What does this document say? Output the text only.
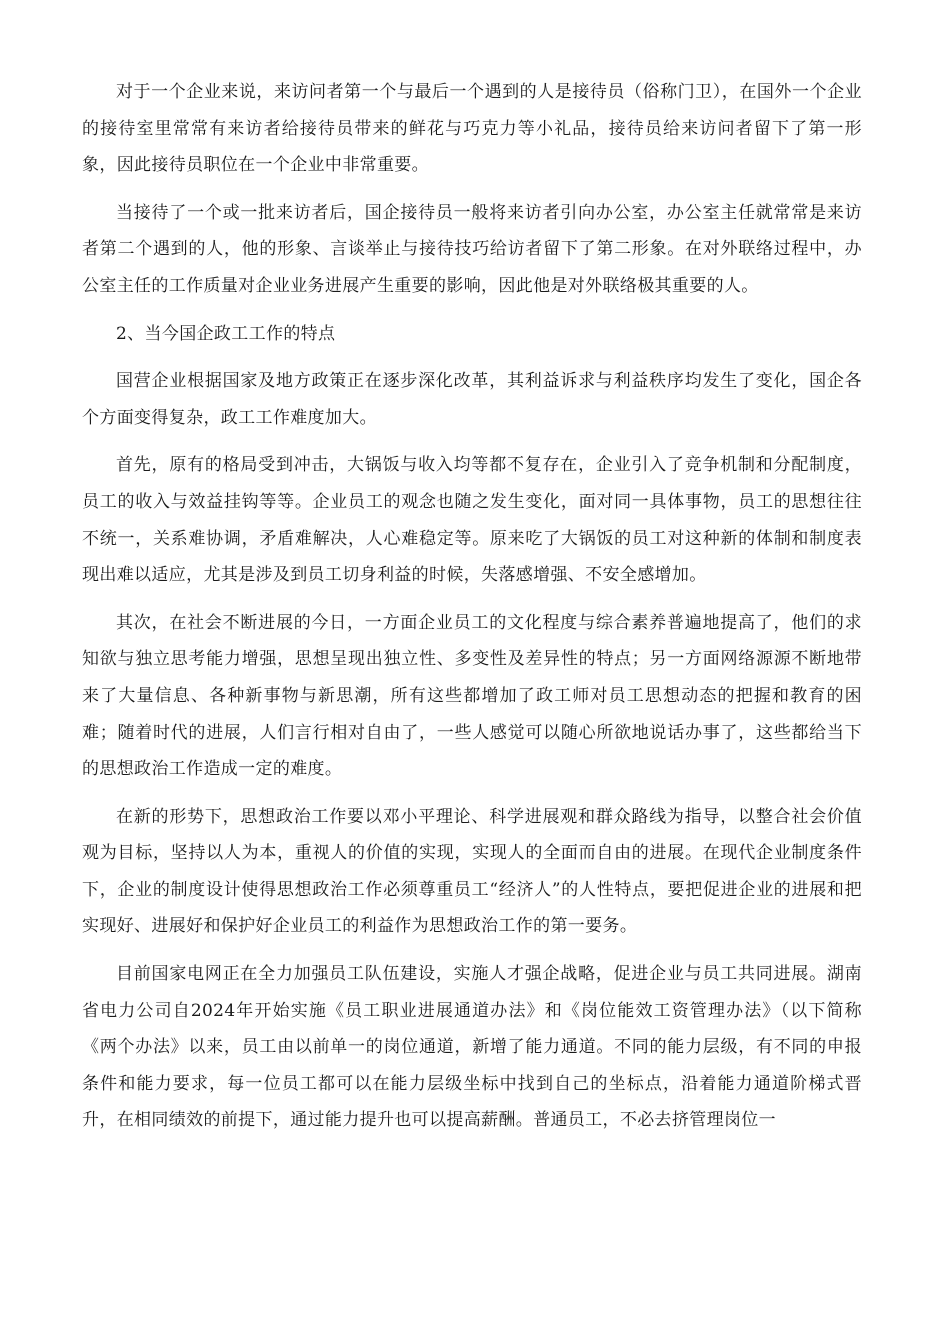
对于一个企业来说，来访问者第一个与最后一个遇到的人是接待员（俗称门卫），在国外一个企业的接待室里常常有来访者给接待员带来的鲜花与巧克力等小礼品，接待员给来访问者留下了第一形象，因此接待员职位在一个企业中非常重要。

当接待了一个或一批来访者后，国企接待员一般将来访者引向办公室，办公室主任就常常是来访者第二个遇到的人，他的形象、言谈举止与接待技巧给访者留下了第二形象。在对外联络过程中，办公室主任的工作质量对企业业务进展产生重要的影响，因此他是对外联络极其重要的人。

2、当今国企政工工作的特点

国营企业根据国家及地方政策正在逐步深化改革，其利益诉求与利益秩序均发生了变化，国企各个方面变得复杂，政工工作难度加大。

首先，原有的格局受到冲击，大锅饭与收入均等都不复存在，企业引入了竞争机制和分配制度，员工的收入与效益挂钩等等。企业员工的观念也随之发生变化，面对同一具体事物，员工的思想往往不统一，关系难协调，矛盾难解决，人心难稳定等。原来吃了大锅饭的员工对这种新的体制和制度表现出难以适应，尤其是涉及到员工切身利益的时候，失落感增强、不安全感增加。

其次，在社会不断进展的今日，一方面企业员工的文化程度与综合素养普遍地提高了，他们的求知欲与独立思考能力增强，思想呈现出独立性、多变性及差异性的特点；另一方面网络源源不断地带来了大量信息、各种新事物与新思潮，所有这些都增加了政工师对员工思想动态的把握和教育的困难；随着时代的进展，人们言行相对自由了，一些人感觉可以随心所欲地说话办事了，这些都给当下的思想政治工作造成一定的难度。

在新的形势下，思想政治工作要以邓小平理论、科学进展观和群众路线为指导，以整合社会价值观为目标，坚持以人为本，重视人的价值的实现，实现人的全面而自由的进展。在现代企业制度条件下，企业的制度设计使得思想政治工作必须尊重员工“经济人”的人性特点，要把促进企业的进展和把实现好、进展好和保护好企业员工的利益作为思想政治工作的第一要务。

目前国家电网正在全力加强员工队伍建设，实施人才强企战略，促进企业与员工共同进展。湖南省电力公司自2024年开始实施《员工职业进展通道办法》和《岗位能效工资管理办法》（以下简称《两个办法》以来，员工由以前单一的岗位通道，新增了能力通道。不同的能力层级，有不同的申报条件和能力要求，每一位员工都可以在能力层级坐标中找到自己的坐标点，沿着能力通道阶梯式晋升，在相同绩效的前提下，通过能力提升也可以提高薪酬。普通员工，不必去挤管理岗位一
